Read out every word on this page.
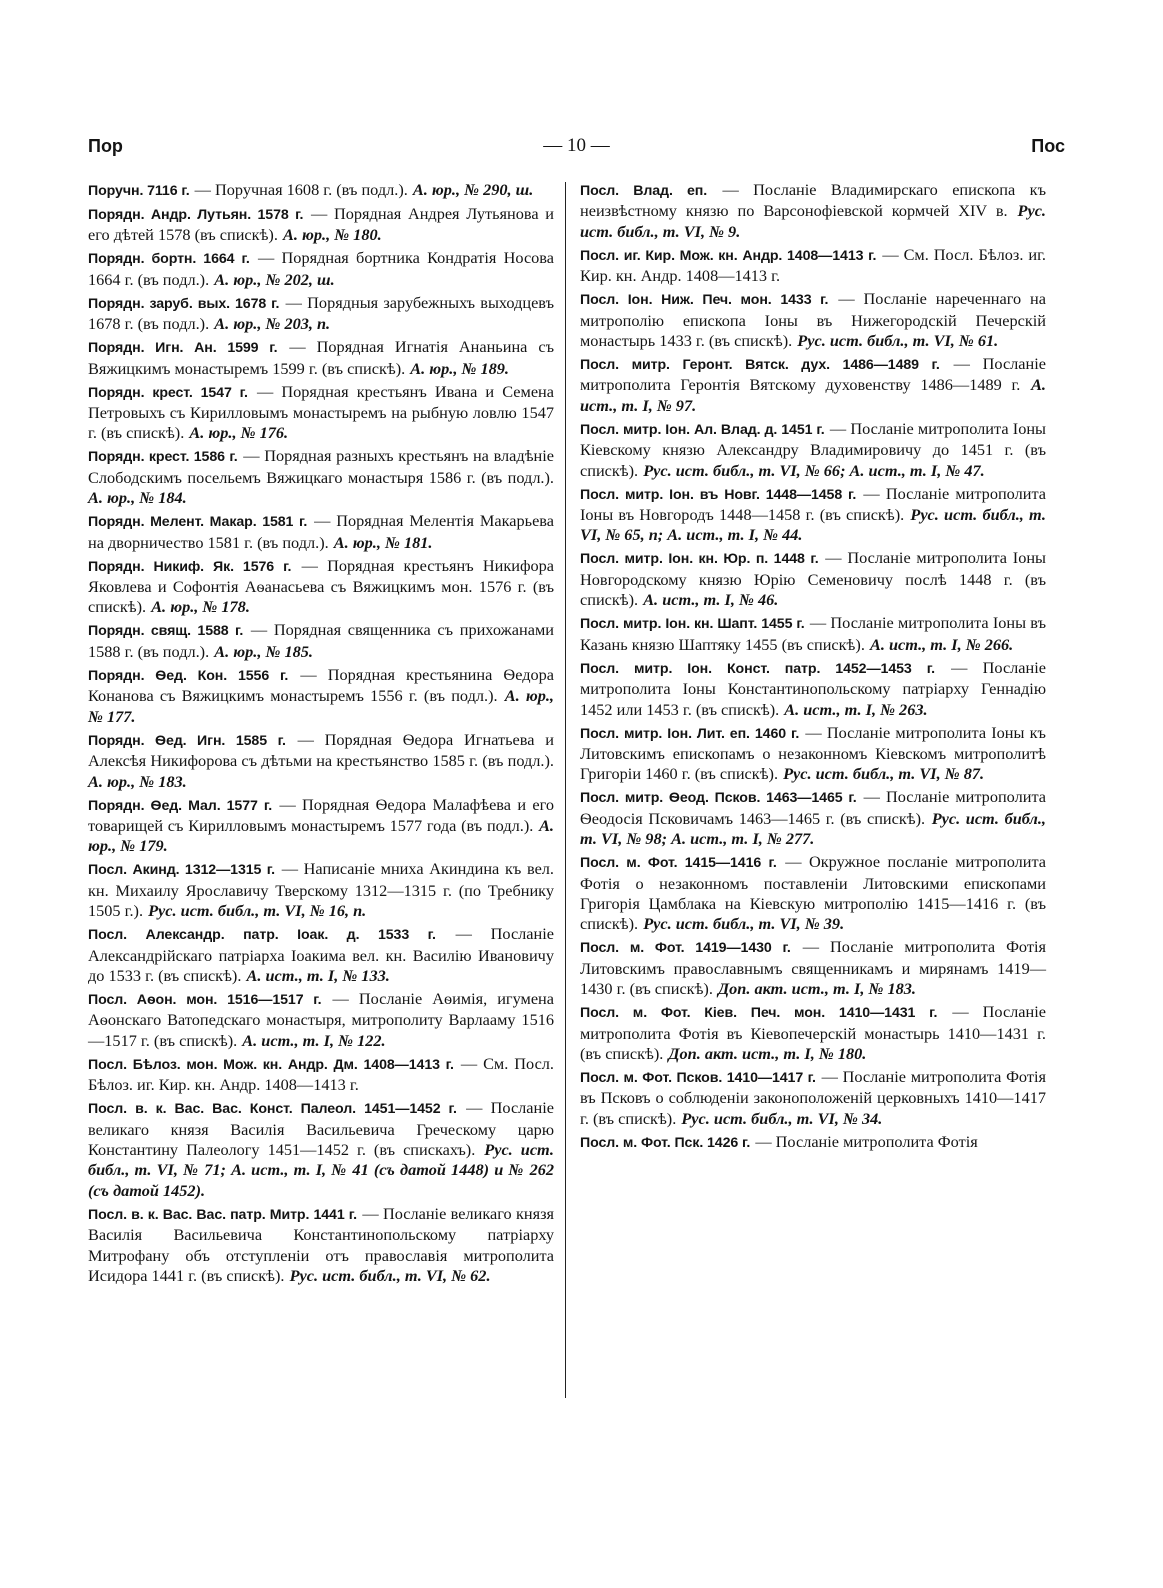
Пор	— 10 —	Пос

Поручн. 7116 г. — Поручная 1608 г. (въ подл.). А. юр., № 290, ш.

Порядн. Андр. Лутьян. 1578 г. — Порядная Андрея Лутьянова и его дѣтей 1578 (въ спискѣ). А. юр., № 180.

Порядн. бортн. 1664 г. — Порядная бортника Кондратія Носова 1664 г. (въ подл.). А. юр., № 202, ш.

Порядн. заруб. вых. 1678 г. — Порядныя зарубежныхъ выходцевъ 1678 г. (въ подл.). А. юр., № 203, п.

Порядн. Игн. Ан. 1599 г. — Порядная Игнатія Ананьина съ Вяжицкимъ монастыремъ 1599 г. (въ спискѣ). А. юр., № 189.

Порядн. крест. 1547 г. — Порядная крестьянъ Ивана и Семена Петровыхъ съ Кирилловымъ монастыремъ на рыбную ловлю 1547 г. (въ спискѣ). А. юр., № 176.

Порядн. крест. 1586 г. — Порядная разныхъ крестьянъ на владѣніе Слободскимъ посельемъ Вяжицкаго монастыря 1586 г. (въ подл.). А. юр., № 184.

Порядн. Мелент. Макар. 1581 г. — Порядная Мелентія Макарьева на дворничество 1581 г. (въ подл.). А. юр., № 181.

Порядн. Никиф. Як. 1576 г. — Порядная крестьянъ Никифора Яковлева и Софонтія Аѳанасьева съ Вяжицкимъ мон. 1576 г. (въ спискѣ). А. юр., № 178.

Порядн. свящ. 1588 г. — Порядная священника съ прихожанами 1588 г. (въ подл.). А. юр., № 185.

Порядн. Ѳед. Кон. 1556 г. — Порядная крестьянина Ѳедора Конанова съ Вяжицкимъ монастыремъ 1556 г. (въ подл.). А. юр., № 177.

Порядн. Ѳед. Игн. 1585 г. — Порядная Ѳедора Игнатьева и Алексѣя Никифорова съ дѣтьми на крестьянство 1585 г. (въ подл.). А. юр., № 183.

Порядн. Ѳед. Мал. 1577 г. — Порядная Ѳедора Малафѣева и его товарищей съ Кирилловымъ монастыремъ 1577 года (въ подл.). А. юр., № 179.

Посл. Акинд. 1312—1315 г. — Написаніе мниха Акиндина къ вел. кн. Михаилу Ярославичу Тверскому 1312—1315 г. (по Требнику 1505 г.). Рус. ист. библ., т. VI, № 16, п.

Посл. Александр. патр. Іоак. д. 1533 г. — Посланіе Александрійскаго патріарха Іоакима вел. кн. Василію Ивановичу до 1533 г. (въ спискѣ). А. ист., т. I, № 133.

Посл. Аѳон. мон. 1516—1517 г. — Посланіе Аѳимія, игумена Аѳонскаго Ватопедскаго монастыря, митрополиту Варлааму 1516—1517 г. (въ спискѣ). А. ист., т. I, № 122.

Посл. Бѣлоз. мон. Мож. кн. Андр. Дм. 1408—1413 г. — См. Посл. Бѣлоз. иг. Кир. кн. Андр. 1408—1413 г.

Посл. в. к. Вас. Вас. Конст. Палеол. 1451—1452 г. — Посланіе великаго князя Василія Васильевича Греческому царю Константину Палеологу 1451—1452 г. (въ спискахъ). Рус. ист. библ., т. VI, № 71; А. ист., т. I, № 41 (съ датой 1448) и № 262 (съ датой 1452).

Посл. в. к. Вас. Вас. патр. Митр. 1441 г. — Посланіе великаго князя Василія Васильевича Константинопольскому патріарху Митрофану объ отступленіи отъ православія митрополита Исидора 1441 г. (въ спискѣ). Рус. ист. библ., т. VI, № 62.

Посл. Влад. еп. — Посланіе Владимирскаго епископа къ неизвѣстному князю по Варсонофіевской кормчей XIV в. Рус. ист. библ., т. VI, № 9.

Посл. иг. Кир. Мож. кн. Андр. 1408—1413 г. — См. Посл. Бѣлоз. иг. Кир. кн. Андр. 1408—1413 г.

Посл. Іон. Ниж. Печ. мон. 1433 г. — Посланіе нареченнаго на митрополію епископа Іоны въ Нижегородскій Печерскій монастырь 1433 г. (въ спискѣ). Рус. ист. библ., т. VI, № 61.

Посл. митр. Геронт. Вятск. дух. 1486—1489 г. — Посланіе митрополита Геронтія Вятскому духовенству 1486—1489 г. А. ист., т. I, № 97.

Посл. митр. Іон. Ал. Влад. д. 1451 г. — Посланіе митрополита Іоны Кіевскому князю Александру Владимировичу до 1451 г. (въ спискѣ). Рус. ист. библ., т. VI, № 66; А. ист., т. I, № 47.

Посл. митр. Іон. въ Новг. 1448—1458 г. — Посланіе митрополита Іоны въ Новгородъ 1448—1458 г. (въ спискѣ). Рус. ист. библ., т. VI, № 65, п; А. ист., т. I, № 44.

Посл. митр. Іон. кн. Юр. п. 1448 г. — Посланіе митрополита Іоны Новгородскому князю Юрію Семеновичу послѣ 1448 г. (въ спискѣ). А. ист., т. I, № 46.

Посл. митр. Іон. кн. Шапт. 1455 г. — Посланіе митрополита Іоны въ Казань князю Шаптяку 1455 (въ спискѣ). А. ист., т. I, № 266.

Посл. митр. Іон. Конст. патр. 1452—1453 г. — Посланіе митрополита Іоны Константинопольскому патріарху Геннадію 1452 или 1453 г. (въ спискѣ). А. ист., т. I, № 263.

Посл. митр. Іон. Лит. еп. 1460 г. — Посланіе митрополита Іоны къ Литовскимъ епископамъ о незаконномъ Кіевскомъ митрополитѣ Григоріи 1460 г. (въ спискѣ). Рус. ист. библ., т. VI, № 87.

Посл. митр. Ѳеод. Псков. 1463—1465 г. — Посланіе митрополита Ѳеодосія Псковичамъ 1463—1465 г. (въ спискѣ). Рус. ист. библ., т. VI, № 98; А. ист., т. I, № 277.

Посл. м. Фот. 1415—1416 г. — Окружное посланіе митрополита Фотія о незаконномъ поставленіи Литовскими епископами Григорія Цамблака на Кіевскую митрополію 1415—1416 г. (въ спискѣ). Рус. ист. библ., т. VI, № 39.

Посл. м. Фот. 1419—1430 г. — Посланіе митрополита Фотія Литовскимъ православнымъ священникамъ и мирянамъ 1419—1430 г. (въ спискѣ). Доп. акт. ист., т. I, № 183.

Посл. м. Фот. Кіев. Печ. мон. 1410—1431 г. — Посланіе митрополита Фотія въ Кіевопечерскій монастырь 1410—1431 г. (въ спискѣ). Доп. акт. ист., т. I, № 180.

Посл. м. Фот. Псков. 1410—1417 г. — Посланіе митрополита Фотія въ Псковъ о соблюденіи законоположеній церковныхъ 1410—1417 г. (въ спискѣ). Рус. ист. библ., т. VI, № 34.

Посл. м. Фот. Пск. 1426 г. — Посланіе митрополита Фотія
